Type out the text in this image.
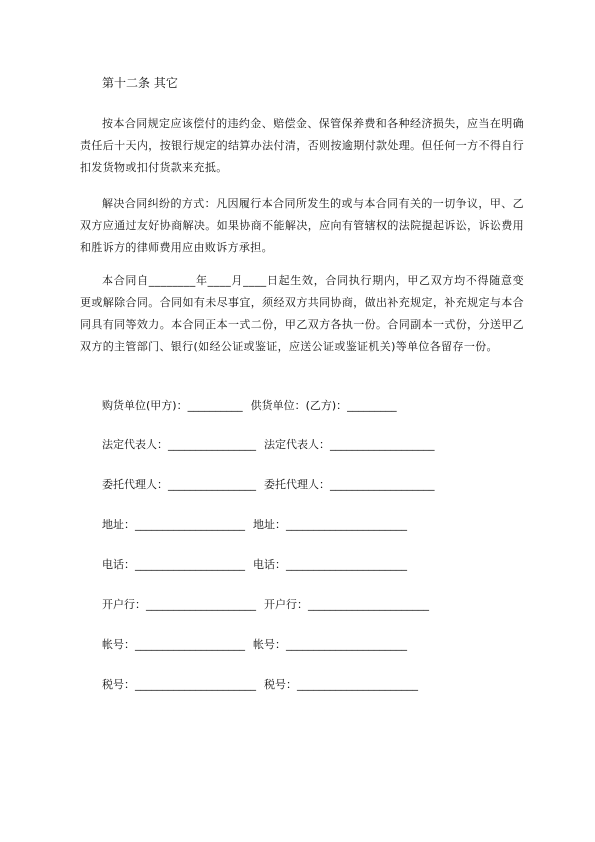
第十二条 其它

按本合同规定应该偿付的违约金、赔偿金、保管保养费和各种经济损失，应当在明确责任后十天内，按银行规定的结算办法付清，否则按逾期付款处理。但任何一方不得自行扣发货物或扣付货款来充抵。

解决合同纠纷的方式：凡因履行本合同所发生的或与本合同有关的一切争议，甲、乙双方应通过友好协商解决。如果协商不能解决，应向有管辖权的法院提起诉讼，诉讼费用和胜诉方的律师费用应由败诉方承担。

本合同自________年____月____日起生效，合同执行期内，甲乙双方均不得随意变更或解除合同。合同如有未尽事宜，须经双方共同协商，做出补充规定，补充规定与本合同具有同等效力。本合同正本一式二份，甲乙双方各执一份。合同副本一式份，分送甲乙双方的主管部门、银行(如经公证或鉴证，应送公证或鉴证机关)等单位各留存一份。

购货单位(甲方)：__________ 供货单位：(乙方)：_________
法定代表人：________________ 法定代表人：___________________
委托代理人：________________ 委托代理人：___________________
地址：____________________ 地址：______________________
电话：____________________ 电话：______________________
开户行：____________________ 开户行：______________________
帐号：____________________ 帐号：______________________
税号：______________________ 税号：______________________
